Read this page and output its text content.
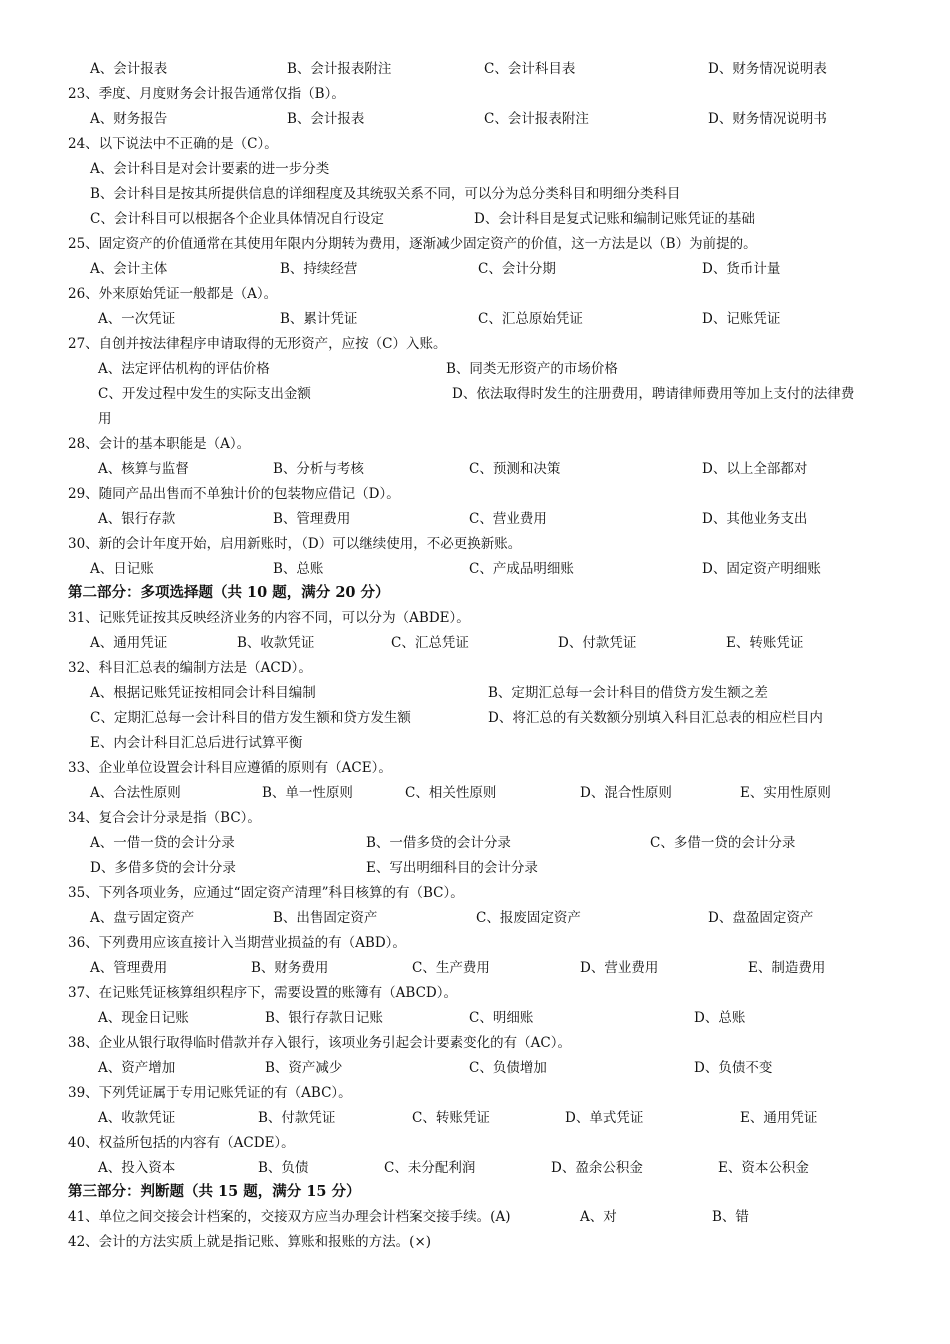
A、会计报表	B、会计报表附注	C、会计科目表	D、财务情况说明表
23、季度、月度财务会计报告通常仅指（B）。
A、财务报告	B、会计报表	C、会计报表附注	D、财务情况说明书
24、以下说法中不正确的是（C）。
A、会计科目是对会计要素的进一步分类
B、会计科目是按其所提供信息的详细程度及其统驭关系不同，可以分为总分类科目和明细分类科目
C、会计科目可以根据各个企业具体情况自行设定	D、会计科目是复式记账和编制记账凭证的基础
25、固定资产的价值通常在其使用年限内分期转为费用，逐渐减少固定资产的价值，这一方法是以（B）为前提的。
A、会计主体	B、持续经营	C、会计分期	D、货币计量
26、外来原始凭证一般都是（A）。
A、一次凭证	B、累计凭证	C、汇总原始凭证	D、记账凭证
27、自创并按法律程序申请取得的无形资产，应按（C）入账。
A、法定评估机构的评估价格	B、同类无形资产的市场价格
C、开发过程中发生的实际支出金额	D、依法取得时发生的注册费用，聘请律师费用等加上支付的法律费
用
28、会计的基本职能是（A）。
A、核算与监督	B、分析与考核	C、预测和决策	D、以上全部都对
29、随同产品出售而不单独计价的包装物应借记（D）。
A、银行存款	B、管理费用	C、营业费用	D、其他业务支出
30、新的会计年度开始，启用新账时，（D）可以继续使用，不必更换新账。
A、日记账	B、总账	C、产成品明细账	D、固定资产明细账
第二部分：多项选择题（共 10 题，满分 20 分）
31、记账凭证按其反映经济业务的内容不同，可以分为（ABDE）。
A、通用凭证	B、收款凭证	C、汇总凭证	D、付款凭证	E、转账凭证
32、科目汇总表的编制方法是（ACD）。
A、根据记账凭证按相同会计科目编制	B、定期汇总每一会计科目的借贷方发生额之差
C、定期汇总每一会计科目的借方发生额和贷方发生额	D、将汇总的有关数额分别填入科目汇总表的相应栏目内
E、内会计科目汇总后进行试算平衡
33、企业单位设置会计科目应遵循的原则有（ACE）。
A、合法性原则	B、单一性原则	C、相关性原则	D、混合性原则	E、实用性原则
34、复合会计分录是指（BC）。
A、一借一贷的会计分录	B、一借多贷的会计分录	C、多借一贷的会计分录
D、多借多贷的会计分录	E、写出明细科目的会计分录
35、下列各项业务，应通过“固定资产清理”科目核算的有（BC）。
A、盘亏固定资产	B、出售固定资产	C、报废固定资产	D、盘盈固定资产
36、下列费用应该直接计入当期营业损益的有（ABD）。
A、管理费用	B、财务费用	C、生产费用	D、营业费用	E、制造费用
37、在记账凭证核算组织程序下，需要设置的账簿有（ABCD）。
A、现金日记账	B、银行存款日记账	C、明细账	D、总账
38、企业从银行取得临时借款并存入银行，该项业务引起会计要素变化的有（AC）。
A、资产增加	B、资产减少	C、负债增加	D、负债不变
39、下列凭证属于专用记账凭证的有（ABC）。
A、收款凭证	B、付款凭证	C、转账凭证	D、单式凭证	E、通用凭证
40、权益所包括的内容有（ACDE）。
A、投入资本	B、负债	C、未分配利润	D、盈余公积金	E、资本公积金
第三部分：判断题（共 15 题，满分 15 分）
41、单位之间交接会计档案的，交接双方应当办理会计档案交接手续。(A)	A、对	B、错
42、会计的方法实质上就是指记账、算账和报账的方法。(×)
